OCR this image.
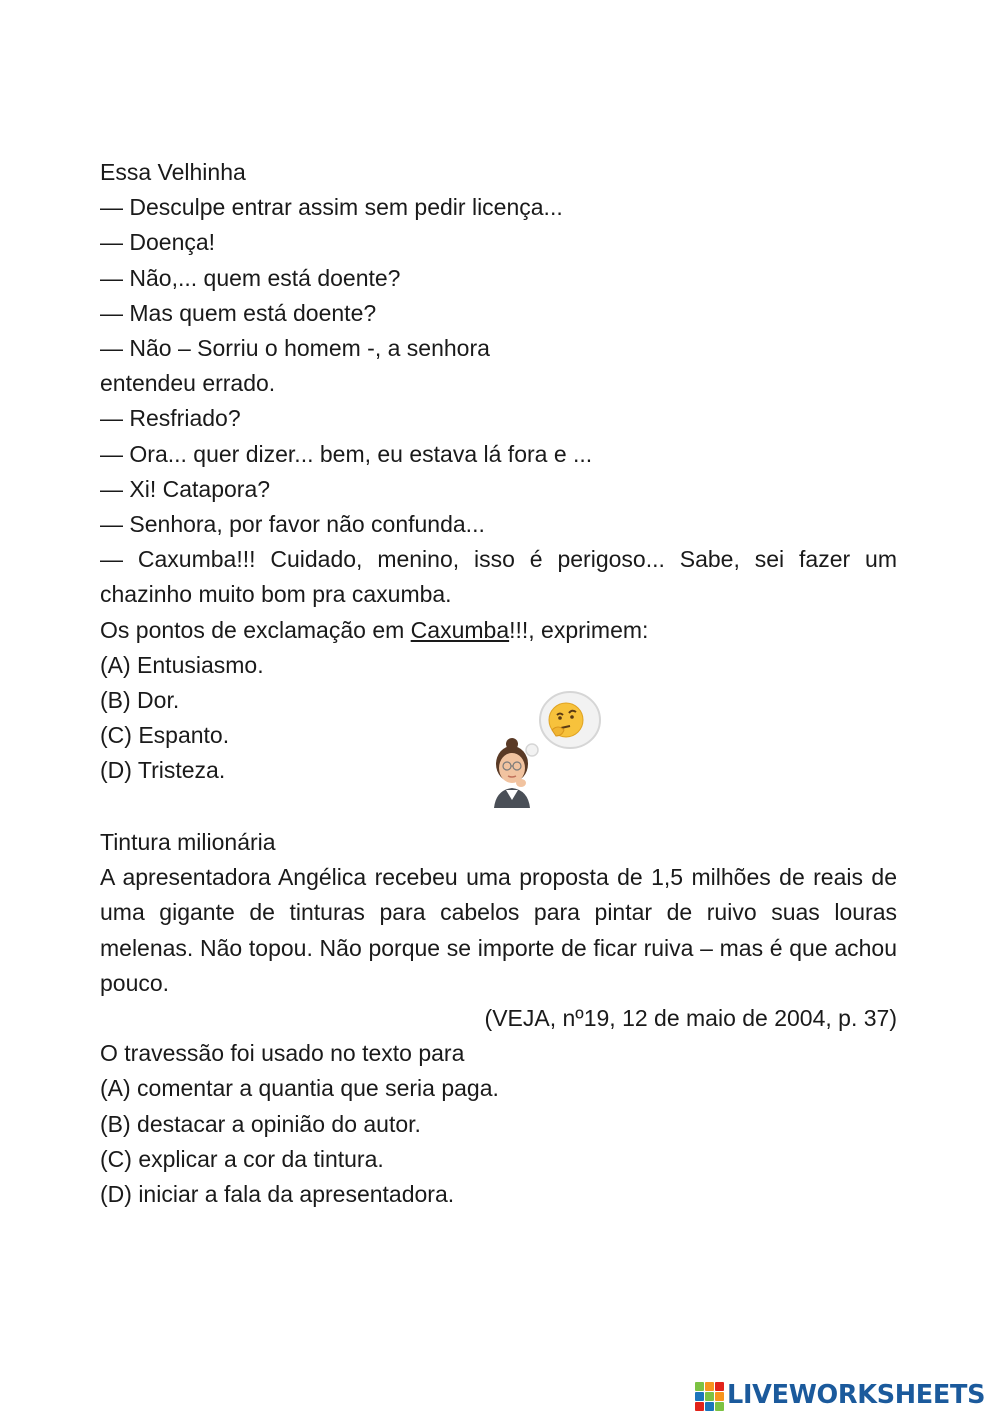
Essa Velhinha
— Desculpe entrar assim sem pedir licença...
— Doença!
— Não,... quem está doente?
— Mas quem está doente?
— Não – Sorriu o homem -, a senhora
entendeu errado.
— Resfriado?
— Ora... quer dizer... bem, eu estava lá fora e ...
— Xi! Catapora?
— Senhora, por favor não confunda...
— Caxumba!!! Cuidado, menino, isso é perigoso... Sabe, sei fazer um chazinho muito bom pra caxumba.
Os pontos de exclamação em Caxumba!!!, exprimem:
(A) Entusiasmo.
(B) Dor.
(C) Espanto.
(D) Tristeza.
Tintura milionária
A apresentadora Angélica recebeu uma proposta de 1,5 milhões de reais de uma gigante de tinturas para cabelos para pintar de ruivo suas louras melenas. Não topou. Não porque se importe de ficar ruiva – mas é que achou pouco.
(VEJA, nº19, 12 de maio de 2004, p. 37)
O travessão foi usado no texto para
(A) comentar a quantia que seria paga.
(B) destacar a opinião do autor.
(C) explicar a cor da tintura.
(D) iniciar a fala da apresentadora.
LIVEWORKSHEETS
